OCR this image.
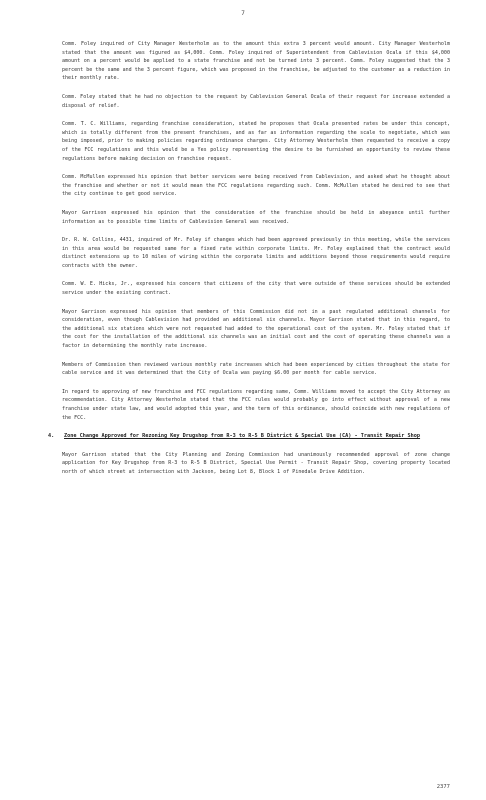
7

Comm. Foley inquired of City Manager Westerholm as to the amount this extra 3 percent would amount. City Manager Westerholm stated that the amount was figured as $4,000. Comm. Foley inquired of Superintendent from Cablevision Ocala if this $4,000 amount on a percent would be applied to a state franchise and not be turned into 3 percent. Comm. Foley suggested that the 3 percent be the same and the 3 percent figure, which was proposed in the franchise, be adjusted to the customer as a reduction in their monthly rate.

Comm. Foley stated that he had no objection to the request by Cablevision General Ocala of their request for increase extended a disposal of relief.

Comm. T. C. Williams, regarding franchise consideration, stated he proposes that Ocala presented rates be under this concept, which is totally different from the present franchises, and as far as information regarding the scale to negotiate, which was being imposed, prior to making policies regarding ordinance charges. City Attorney Westerholm then requested to receive a copy of the FCC regulations and this would be a Yes policy representing the desire to be furnished an opportunity to review these regulations before making decision on franchise request.

Comm. McMullen expressed his opinion that better services were being received from Cablevision, and asked what he thought about the franchise and whether or not it would mean the FCC regulations regarding such. Comm. McMullen stated he desired to see that the city continue to get good service.

Mayor Garrison expressed his opinion that the consideration of the franchise should be held in abeyance until further information as to possible time limits of Cablevision General was received.

Dr. R. W. Collins, 4431, inquired of Mr. Foley if changes which had been approved previously in this meeting, while the services in this area would be requested same for a fixed rate within corporate limits. Mr. Foley explained that the contract would distinct extensions up to 10 miles of wiring within the corporate limits and additions beyond those requirements would require contracts with the owner.

Comm. W. E. Hicks, Jr., expressed his concern that citizens of the city that were outside of these services should be extended service under the existing contract.

Mayor Garrison expressed his opinion that members of this Commission did not in a past regulated additional channels for consideration, even though Cablevision had provided an additional six channels. Mayor Garrison stated that in this regard, to the additional six stations which were not requested had added to the operational cost of the system. Mr. Foley stated that if the cost for the installation of the additional six channels was an initial cost and the cost of operating these channels was a factor in determining the monthly rate increase.

Members of Commission then reviewed various monthly rate increases which had been experienced by cities throughout the state for cable service and it was determined that the City of Ocala was paying $6.00 per month for cable service.

In regard to approving of new franchise and FCC regulations regarding same, Comm. Williams moved to accept the City Attorney as recommendation. City Attorney Westerholm stated that the FCC rules would probably go into effect without approval of a new franchise under state law, and would adopted this year, and the term of this ordinance, should coincide with new regulations of the FCC.

4.	Zone Change Approved for Rezoning Key Drugshop from R-3 to R-5 B District & Special Use (CA) - Transit Repair Shop

Mayor Garrison stated that the City Planning and Zoning Commission had unanimously recommended approval of zone change application for Key Drugshop from R-3 to R-5 B District, Special Use Permit - Transit Repair Shop, covering property located north of which street at intersection with Jackson, being Lot 8, Block 1 of Pinedale Drive Addition.

2377
